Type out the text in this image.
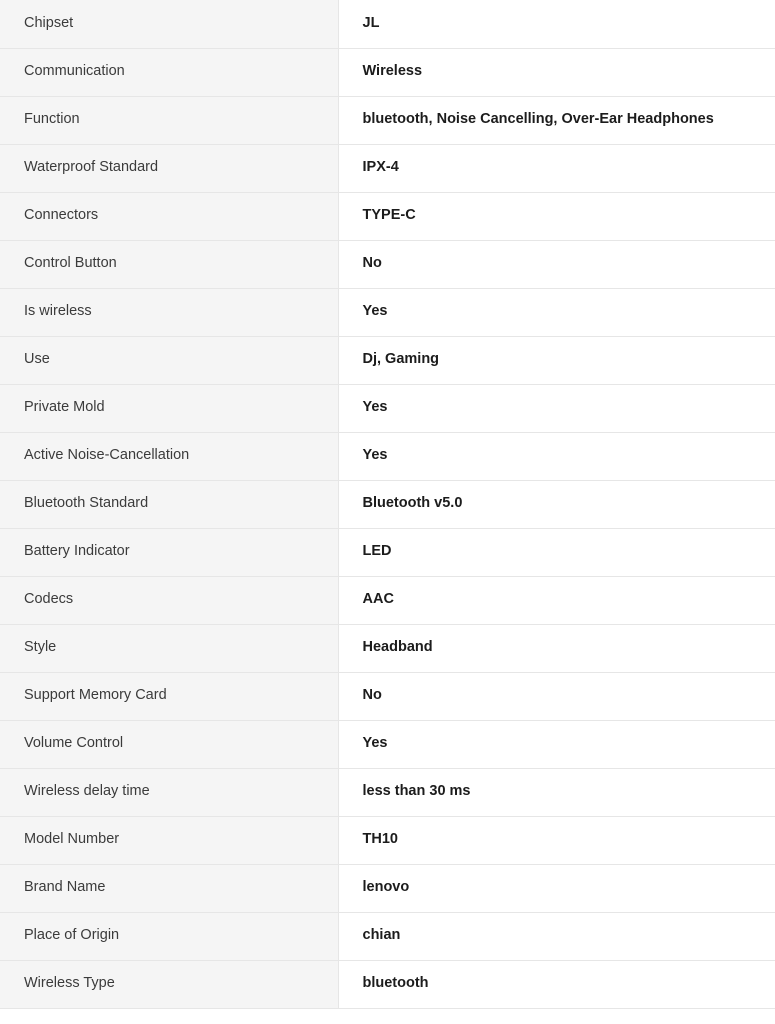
Chipset	JL
Communication	Wireless
Function	bluetooth, Noise Cancelling, Over-Ear Headphones
Waterproof Standard	IPX-4
Connectors	TYPE-C
Control Button	No
Is wireless	Yes
Use	Dj, Gaming
Private Mold	Yes
Active Noise-Cancellation	Yes
Bluetooth Standard	Bluetooth v5.0
Battery Indicator	LED
Codecs	AAC
Style	Headband
Support Memory Card	No
Volume Control	Yes
Wireless delay time	less than 30 ms
Model Number	TH10
Brand Name	lenovo
Place of Origin	chian
Wireless Type	bluetooth
